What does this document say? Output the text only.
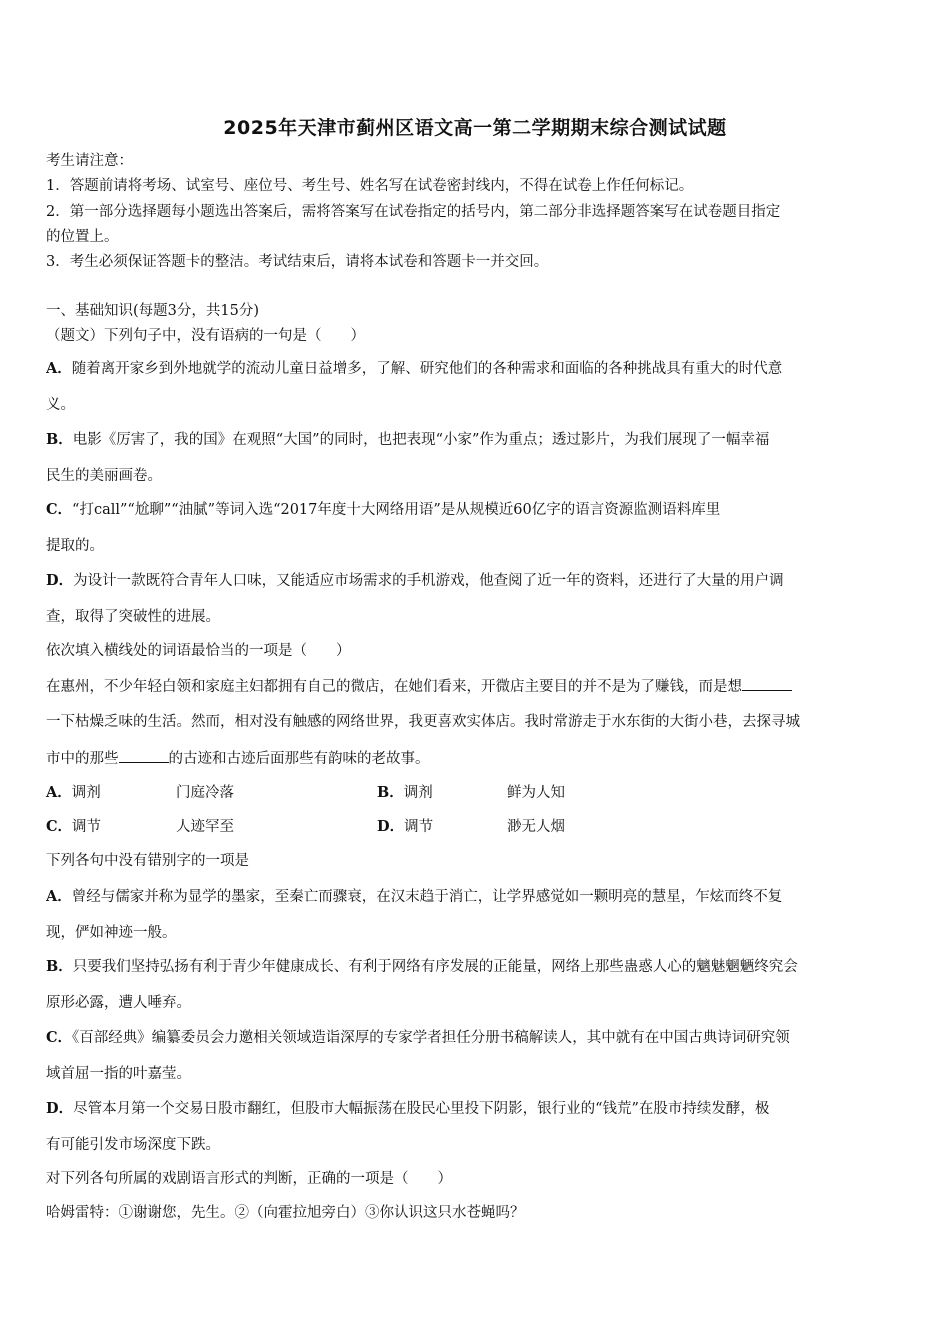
2025年天津市蓟州区语文高一第二学期期末综合测试试题
考生请注意：
1．答题前请将考场、试室号、座位号、考生号、姓名写在试卷密封线内，不得在试卷上作任何标记。
2．第一部分选择题每小题选出答案后，需将答案写在试卷指定的括号内，第二部分非选择题答案写在试卷题目指定
的位置上。
3．考生必须保证答题卡的整洁。考试结束后，请将本试卷和答题卡一并交回。
一、基础知识(每题3分，共15分)
（题文）下列句子中，没有语病的一句是（　　）
A．随着离开家乡到外地就学的流动儿童日益增多，了解、研究他们的各种需求和面临的各种挑战具有重大的时代意
义。
B．电影《厉害了，我的国》在观照“大国”的同时，也把表现“小家”作为重点；透过影片，为我们展现了一幅幸福
民生的美丽画卷。
C．“打call”“尬聊”“油腻”等词入选“2017年度十大网络用语”是从规模近60亿字的语言资源监测语料库里
提取的。
D．为设计一款既符合青年人口味，又能适应市场需求的手机游戏，他查阅了近一年的资料，还进行了大量的用户调
查，取得了突破性的进展。
依次填入横线处的词语最恰当的一项是（　　）
在惠州，不少年轻白领和家庭主妇都拥有自己的微店，在她们看来，开微店主要目的并不是为了赚钱，而是想
一下枯燥乏味的生活。然而，相对没有触感的网络世界，我更喜欢实体店。我时常游走于水东街的大街小巷，去探寻城
市中的那些	的古迹和古迹后面那些有韵味的老故事。
A．调剂	门庭冷落	B．调剂	鲜为人知
C．调节	人迹罕至	D．调节	渺无人烟
下列各句中没有错别字的一项是
A．曾经与儒家并称为显学的墨家，至秦亡而骤衰，在汉末趋于消亡，让学界感觉如一颗明亮的慧星，乍炫而终不复
现，俨如神迹一般。
B．只要我们坚持弘扬有利于青少年健康成长、有利于网络有序发展的正能量，网络上那些蛊惑人心的魑魅魍魉终究会
原形必露，遭人唾弃。
C．《百部经典》编纂委员会力邀相关领域造诣深厚的专家学者担任分册书稿解读人，其中就有在中国古典诗词研究领
域首屈一指的叶嘉莹。
D．尽管本月第一个交易日股市翻红，但股市大幅振荡在股民心里投下阴影，银行业的“钱荒”在股市持续发酵，极
有可能引发市场深度下跌。
对下列各句所属的戏剧语言形式的判断，正确的一项是（　　）
哈姆雷特：①谢谢您，先生。②（向霍拉旭旁白）③你认识这只水苍蝇吗？
